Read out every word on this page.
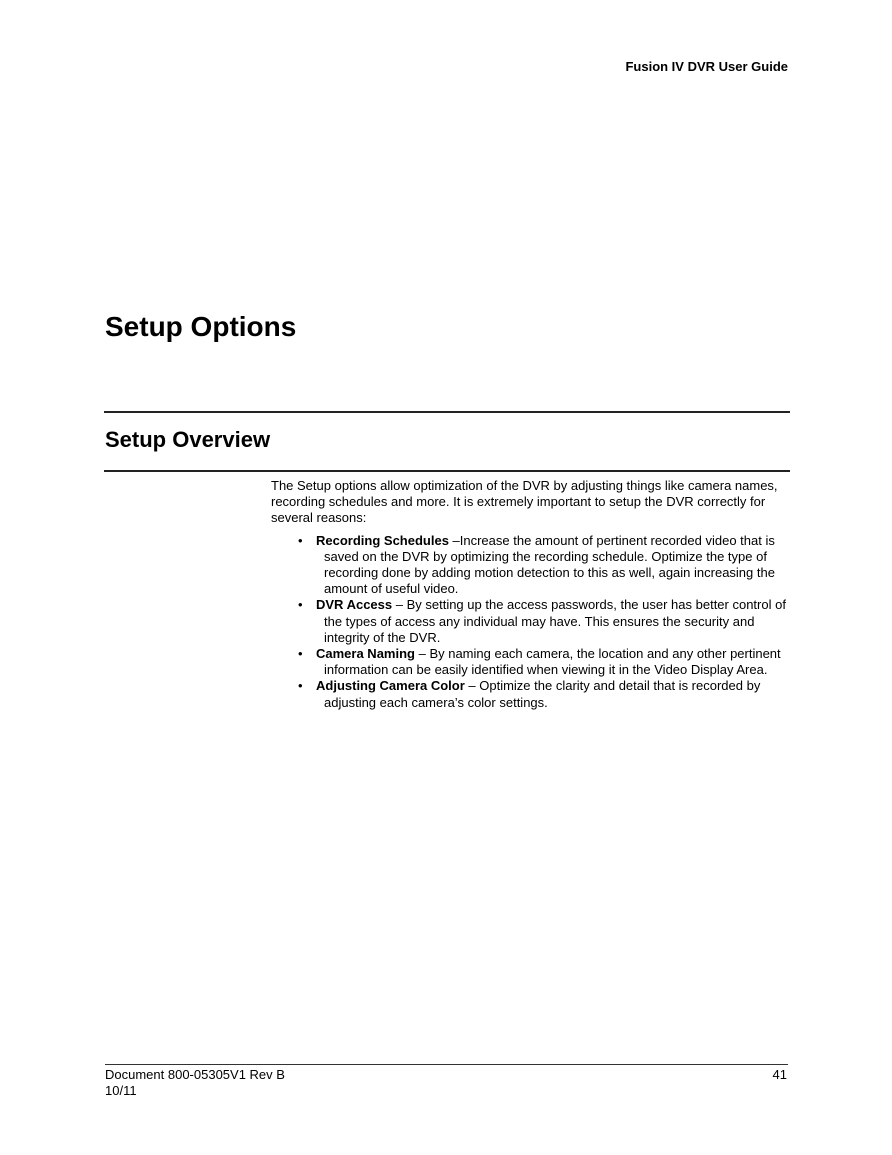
Fusion IV DVR User Guide
Setup Options
Setup Overview

The Setup options allow optimization of the DVR by adjusting things like camera names, recording schedules and more. It is extremely important to setup the DVR correctly for several reasons:

• Recording Schedules –Increase the amount of pertinent recorded video that is saved on the DVR by optimizing the recording schedule. Optimize the type of recording done by adding motion detection to this as well, again increasing the amount of useful video.
• DVR Access – By setting up the access passwords, the user has better control of the types of access any individual may have. This ensures the security and integrity of the DVR.
• Camera Naming – By naming each camera, the location and any other pertinent information can be easily identified when viewing it in the Video Display Area.
• Adjusting Camera Color – Optimize the clarity and detail that is recorded by adjusting each camera’s color settings.
Document 800-05305V1 Rev B
10/11
41
